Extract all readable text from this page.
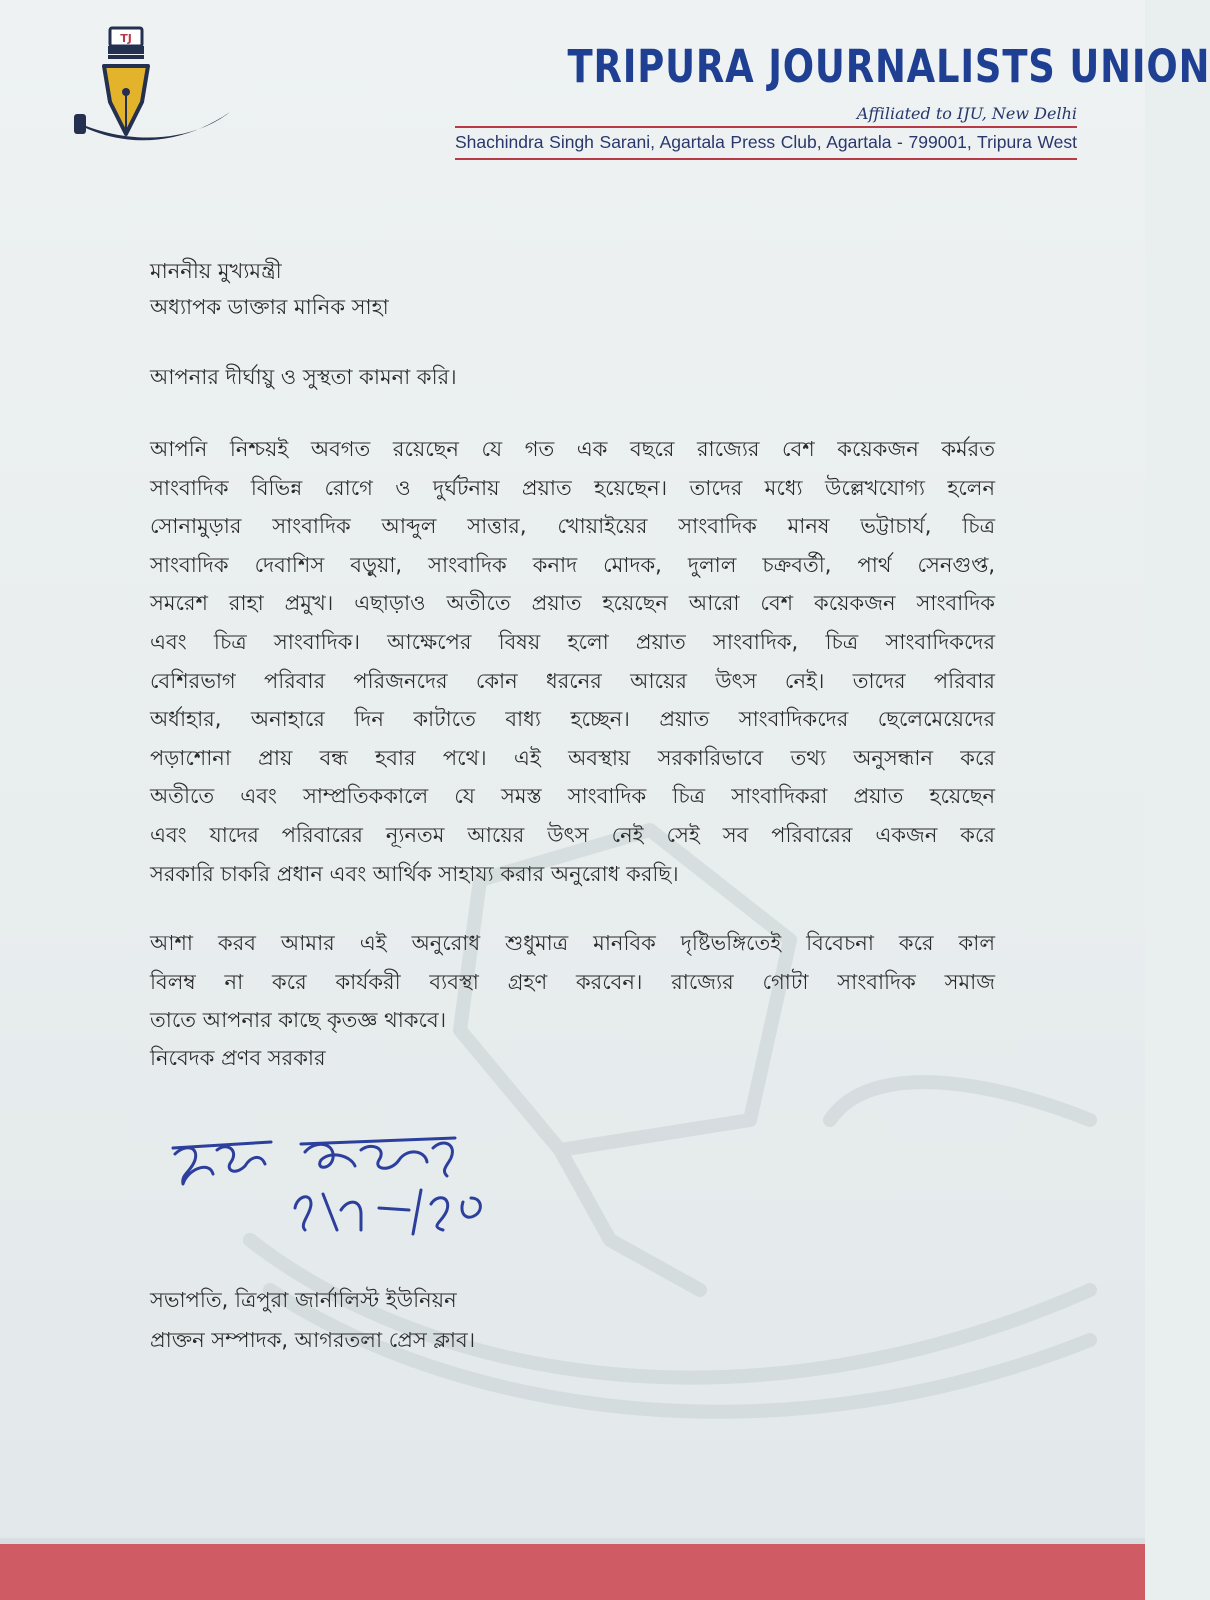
TJ
TRIPURA JOURNALISTS UNION
Affiliated to IJU, New Delhi
Shachindra Singh Sarani, Agartala Press Club, Agartala - 799001, Tripura West
মাননীয় মুখ্যমন্ত্রী
অধ্যাপক ডাক্তার মানিক সাহা
আপনার দীর্ঘায়ু ও সুস্থতা কামনা করি।
আপনি নিশ্চয়ই অবগত রয়েছেন যে গত এক বছরে রাজ্যের বেশ কয়েকজন কর্মরত
সাংবাদিক বিভিন্ন রোগে ও দুর্ঘটনায় প্রয়াত হয়েছেন। তাদের মধ্যে উল্লেখযোগ্য হলেন
সোনামুড়ার সাংবাদিক আব্দুল সাত্তার, খোয়াইয়ের সাংবাদিক মানষ ভট্টাচার্য, চিত্র
সাংবাদিক দেবাশিস বড়ুয়া, সাংবাদিক কনাদ মোদক, দুলাল চক্রবর্তী, পার্থ সেনগুপ্ত,
সমরেশ রাহা প্রমুখ। এছাড়াও অতীতে প্রয়াত হয়েছেন আরো বেশ কয়েকজন সাংবাদিক
এবং চিত্র সাংবাদিক। আক্ষেপের বিষয় হলো প্রয়াত সাংবাদিক, চিত্র সাংবাদিকদের
বেশিরভাগ পরিবার পরিজনদের কোন ধরনের আয়ের উৎস নেই। তাদের পরিবার
অর্ধাহার, অনাহারে দিন কাটাতে বাধ্য হচ্ছেন। প্রয়াত সাংবাদিকদের ছেলেমেয়েদের
পড়াশোনা প্রায় বন্ধ হবার পথে। এই অবস্থায় সরকারিভাবে তথ্য অনুসন্ধান করে
অতীতে এবং সাম্প্রতিককালে যে সমস্ত সাংবাদিক চিত্র সাংবাদিকরা প্রয়াত হয়েছেন
এবং যাদের পরিবারের ন্যূনতম আয়ের উৎস নেই সেই সব পরিবারের একজন করে
সরকারি চাকরি প্রধান এবং আর্থিক সাহায্য করার অনুরোধ করছি।
আশা করব আমার এই অনুরোধ শুধুমাত্র মানবিক দৃষ্টিভঙ্গিতেই বিবেচনা করে কাল
বিলম্ব না করে কার্যকরী ব্যবস্থা গ্রহণ করবেন। রাজ্যের গোটা সাংবাদিক সমাজ
তাতে আপনার কাছে কৃতজ্ঞ থাকবে।
নিবেদক প্রণব সরকার
সভাপতি, ত্রিপুরা জার্নালিস্ট ইউনিয়ন
প্রাক্তন সম্পাদক, আগরতলা প্রেস ক্লাব।
